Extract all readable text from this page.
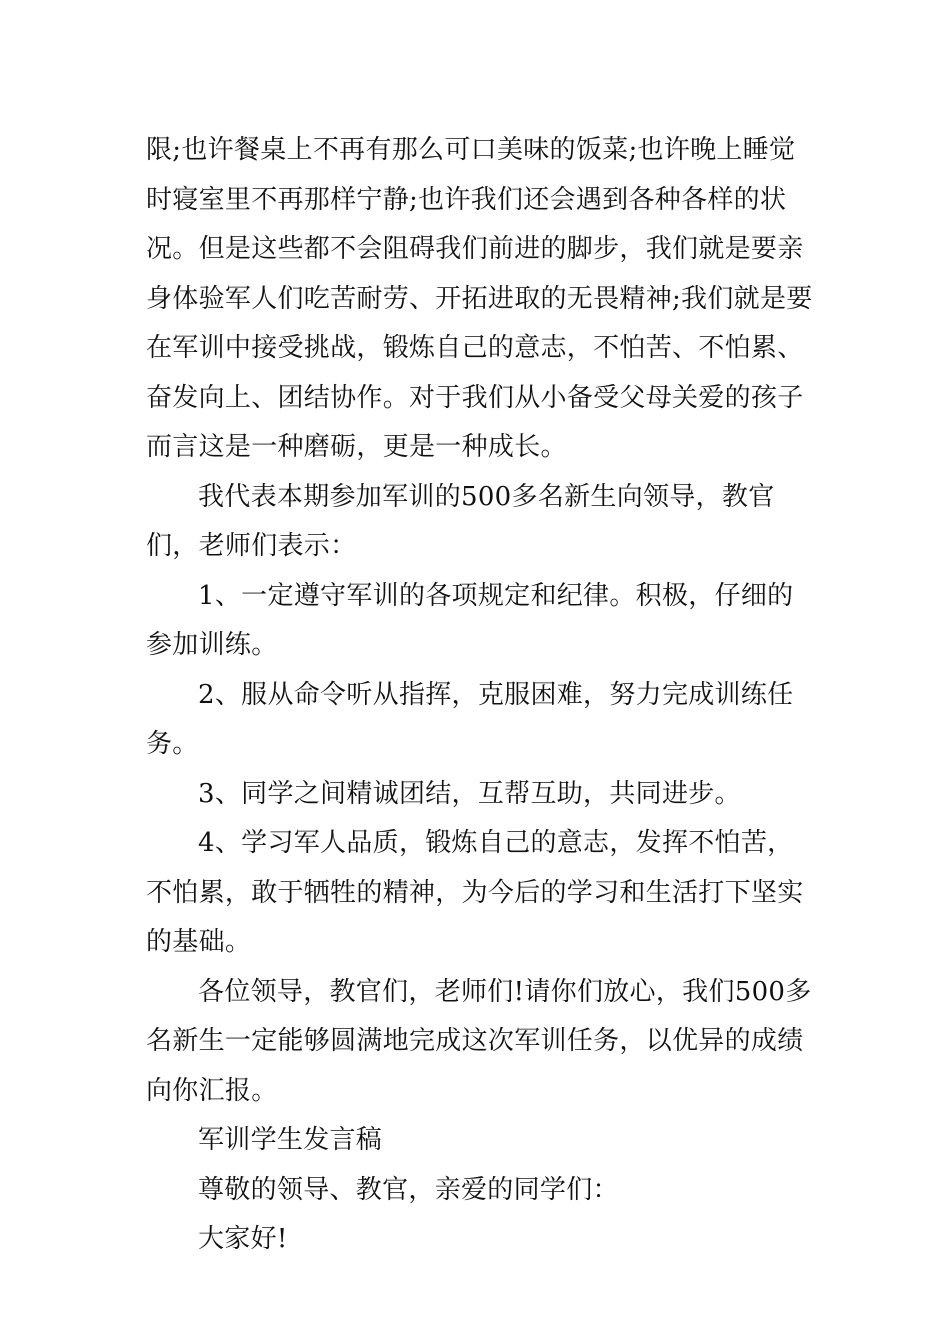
限;也许餐桌上不再有那么可口美味的饭菜;也许晚上睡觉时寝室里不再那样宁静;也许我们还会遇到各种各样的状况。但是这些都不会阻碍我们前进的脚步，我们就是要亲身体验军人们吃苦耐劳、开拓进取的无畏精神;我们就是要在军训中接受挑战，锻炼自己的意志，不怕苦、不怕累、奋发向上、团结协作。对于我们从小备受父母关爱的孩子而言这是一种磨砺，更是一种成长。

我代表本期参加军训的500多名新生向领导，教官们，老师们表示：

1、一定遵守军训的各项规定和纪律。积极，仔细的参加训练。

2、服从命令听从指挥，克服困难，努力完成训练任务。

3、同学之间精诚团结，互帮互助，共同进步。

4、学习军人品质，锻炼自己的意志，发挥不怕苦，不怕累，敢于牺牲的精神，为今后的学习和生活打下坚实的基础。

各位领导，教官们，老师们!请你们放心，我们500多名新生一定能够圆满地完成这次军训任务，以优异的成绩向你汇报。

军训学生发言稿

尊敬的领导、教官，亲爱的同学们：

大家好!
